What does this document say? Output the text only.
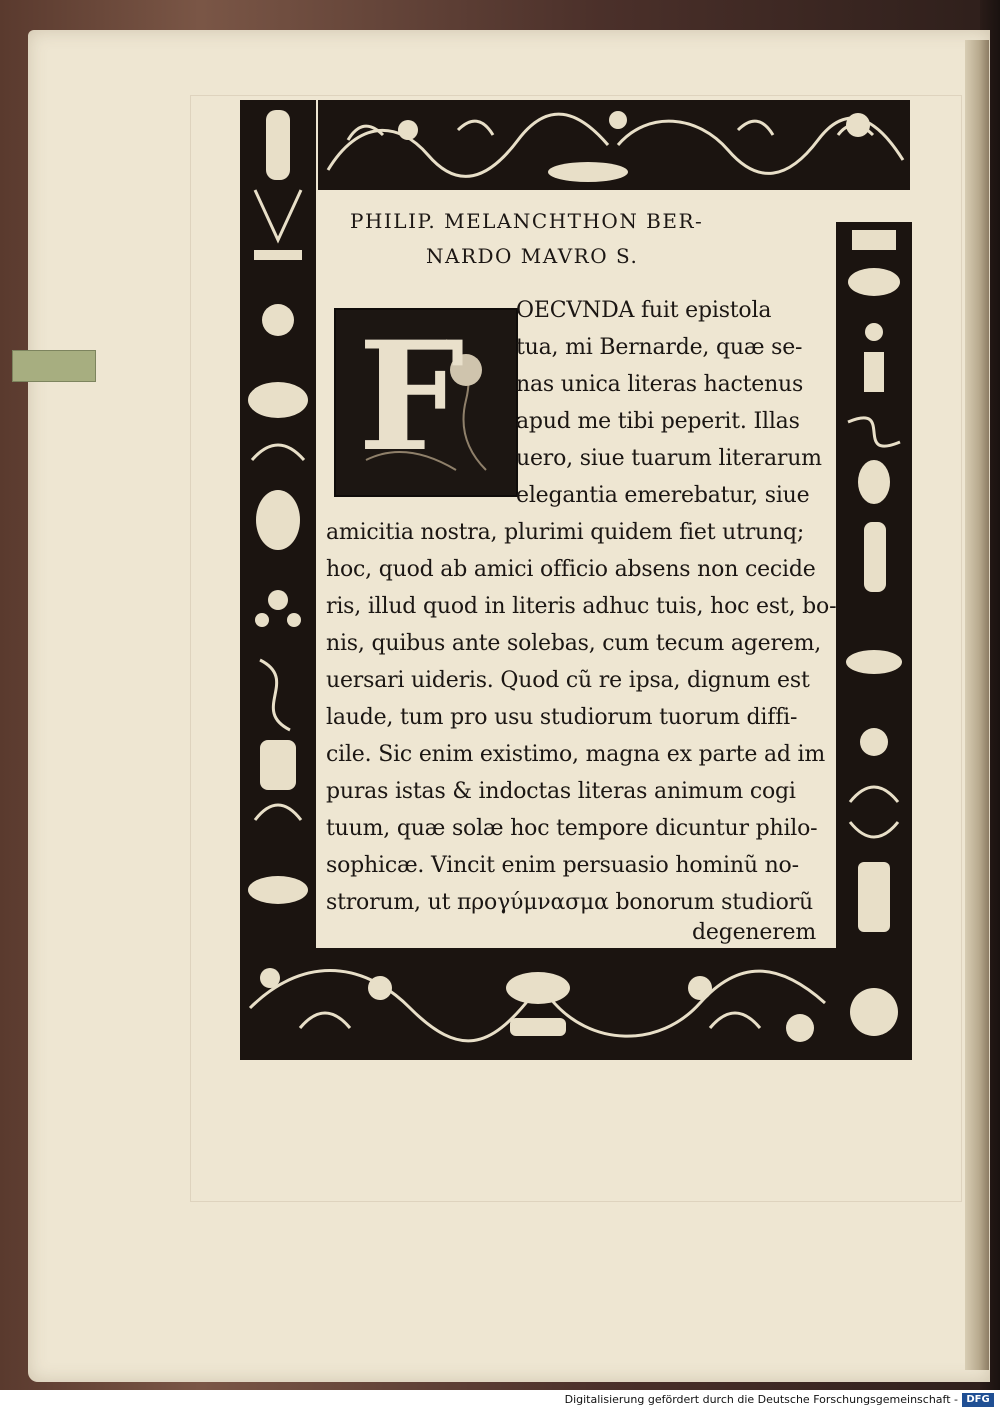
PHILIP. MELANCHTHON BER-
NARDO MAVRO S.
F OECVNDA fuit epistola
tua, mi Bernarde, quæ se-
nas unica literas hactenus
apud me tibi peperit. Illas
uero, siue tuarum literarum
elegantia emerebatur, siue
amicitia nostra, plurimi quidem fiet utrunq;
hoc, quod ab amici officio absens non cecide
ris, illud quod in literis adhuc tuis, hoc est, bo-
nis, quibus ante solebas, cum tecum agerem,
uersari uideris. Quod cũ re ipsa, dignum est
laude, tum pro usu studiorum tuorum diffi-
cile. Sic enim existimo, magna ex parte ad im
puras istas & indoctas literas animum cogi
tuum, quæ solæ hoc tempore dicuntur philo-
sophicæ. Vincit enim persuasio hominũ no-
strorum, ut προγύμνασμα bonorum studiorũ
degenerem
Digitalisierung gefördert durch die Deutsche Forschungsgemeinschaft - DFG
